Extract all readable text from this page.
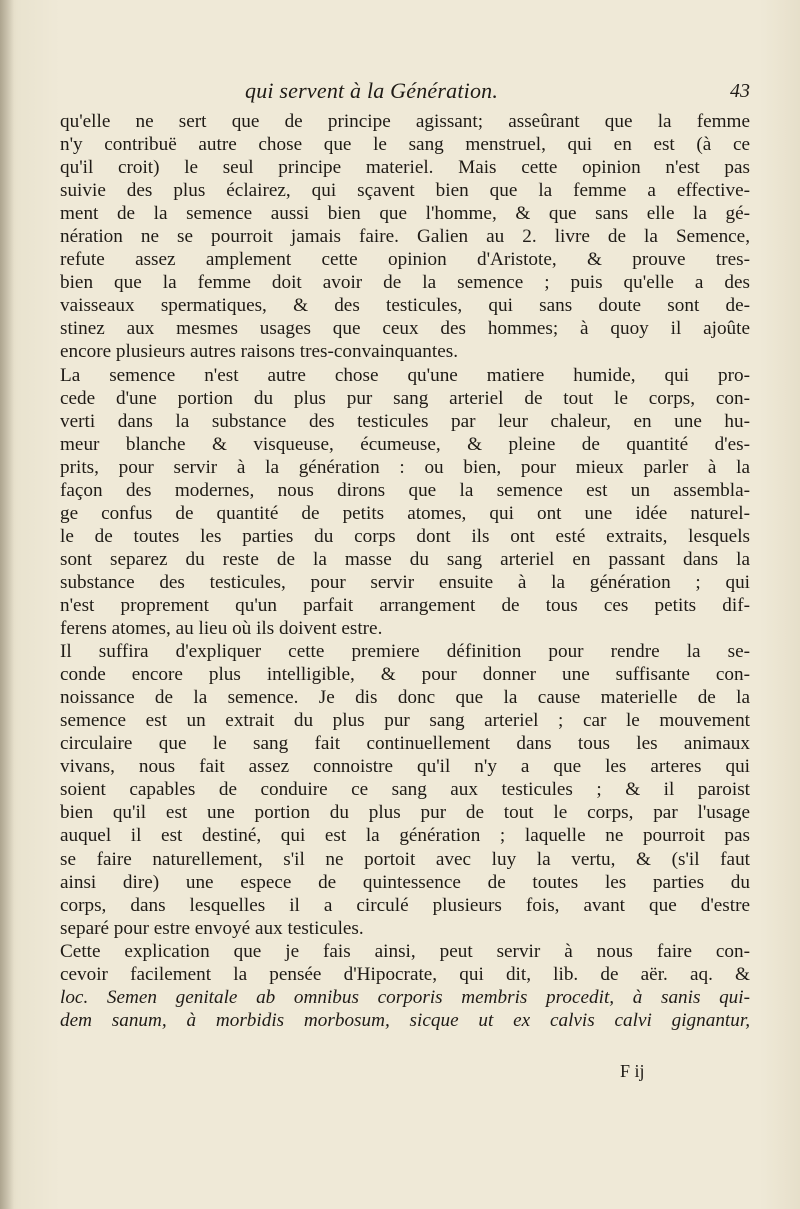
qui servent à la Génération.	43
qu'elle ne sert que de principe agissant; asseûrant que la femme
n'y contribuë autre chose que le sang menstruel, qui en est (à ce
qu'il croit) le seul principe materiel. Mais cette opinion n'est pas
suivie des plus éclairez, qui sçavent bien que la femme a effective-
ment de la semence aussi bien que l'homme, & que sans elle la gé-
nération ne se pourroit jamais faire. Galien au 2. livre de la Semence,
refute assez amplement cette opinion d'Aristote, & prouve tres-
bien que la femme doit avoir de la semence ; puis qu'elle a des
vaisseaux spermatiques, & des testicules, qui sans doute sont de-
stinez aux mesmes usages que ceux des hommes; à quoy il ajoûte
encore plusieurs autres raisons tres-convainquantes.
La semence n'est autre chose qu'une matiere humide, qui pro-
cede d'une portion du plus pur sang arteriel de tout le corps, con-
verti dans la substance des testicules par leur chaleur, en une hu-
meur blanche & visqueuse, écumeuse, & pleine de quantité d'es-
prits, pour servir à la génération : ou bien, pour mieux parler à la
façon des modernes, nous dirons que la semence est un assembla-
ge confus de quantité de petits atomes, qui ont une idée naturel-
le de toutes les parties du corps dont ils ont esté extraits, lesquels
sont separez du reste de la masse du sang arteriel en passant dans la
substance des testicules, pour servir ensuite à la génération ; qui
n'est proprement qu'un parfait arrangement de tous ces petits dif-
ferens atomes, au lieu où ils doivent estre.
Il suffira d'expliquer cette premiere définition pour rendre la se-
conde encore plus intelligible, & pour donner une suffisante con-
noissance de la semence. Je dis donc que la cause materielle de la
semence est un extrait du plus pur sang arteriel ; car le mouvement
circulaire que le sang fait continuellement dans tous les animaux
vivans, nous fait assez connoistre qu'il n'y a que les arteres qui
soient capables de conduire ce sang aux testicules ; & il paroist
bien qu'il est une portion du plus pur de tout le corps, par l'usage
auquel il est destiné, qui est la génération ; laquelle ne pourroit pas
se faire naturellement, s'il ne portoit avec luy la vertu, & (s'il faut
ainsi dire) une espece de quintessence de toutes les parties du
corps, dans lesquelles il a circulé plusieurs fois, avant que d'estre
separé pour estre envoyé aux testicules.
Cette explication que je fais ainsi, peut servir à nous faire con-
cevoir facilement la pensée d'Hipocrate, qui dit, lib. de aër. aq. &
loc. Semen genitale ab omnibus corporis membris procedit, à sanis qui-
dem sanum, à morbidis morbosum, sicque ut ex calvis calvi gignantur,
F ij
